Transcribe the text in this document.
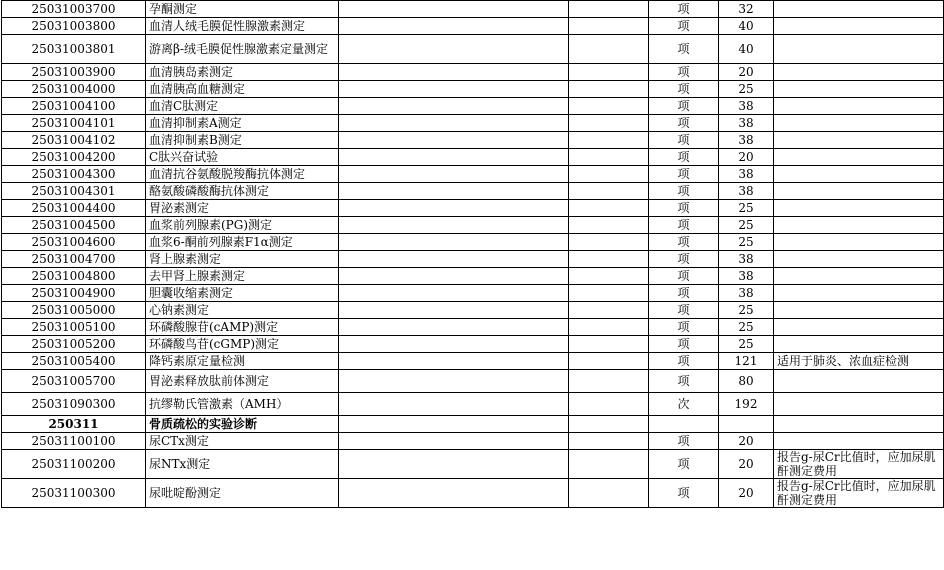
25031003700	孕酮测定			项	32	
25031003800	血清人绒毛膜促性腺激素测定			项	40	
25031003801	游离β-绒毛膜促性腺激素定量测定			项	40	
25031003900	血清胰岛素测定			项	20	
25031004000	血清胰高血糖测定			项	25	
25031004100	血清C肽测定			项	38	
25031004101	血清抑制素A测定			项	38	
25031004102	血清抑制素B测定			项	38	
25031004200	C肽兴奋试验			项	20	
25031004300	血清抗谷氨酸脱羧酶抗体测定			项	38	
25031004301	酪氨酸磷酸酶抗体测定			项	38	
25031004400	胃泌素测定			项	25	
25031004500	血浆前列腺素(PG)测定			项	25	
25031004600	血浆6-酮前列腺素F1α测定			项	25	
25031004700	肾上腺素测定			项	38	
25031004800	去甲肾上腺素测定			项	38	
25031004900	胆囊收缩素测定			项	38	
25031005000	心钠素测定			项	25	
25031005100	环磷酸腺苷(cAMP)测定			项	25	
25031005200	环磷酸鸟苷(cGMP)测定			项	25	
25031005400	降钙素原定量检测			项	121	适用于肺炎、浓血症检测
25031005700	胃泌素释放肽前体测定			项	80	
25031090300	抗缪勒氏管激素（AMH）			次	192	
250311	骨质疏松的实验诊断					
25031100100	尿CTx测定			项	20	
25031100200	尿NTx测定			项	20	报告g-尿Cr比值时，应加尿肌酐测定费用
25031100300	尿吡啶酚测定			项	20	报告g-尿Cr比值时，应加尿肌酐测定费用
